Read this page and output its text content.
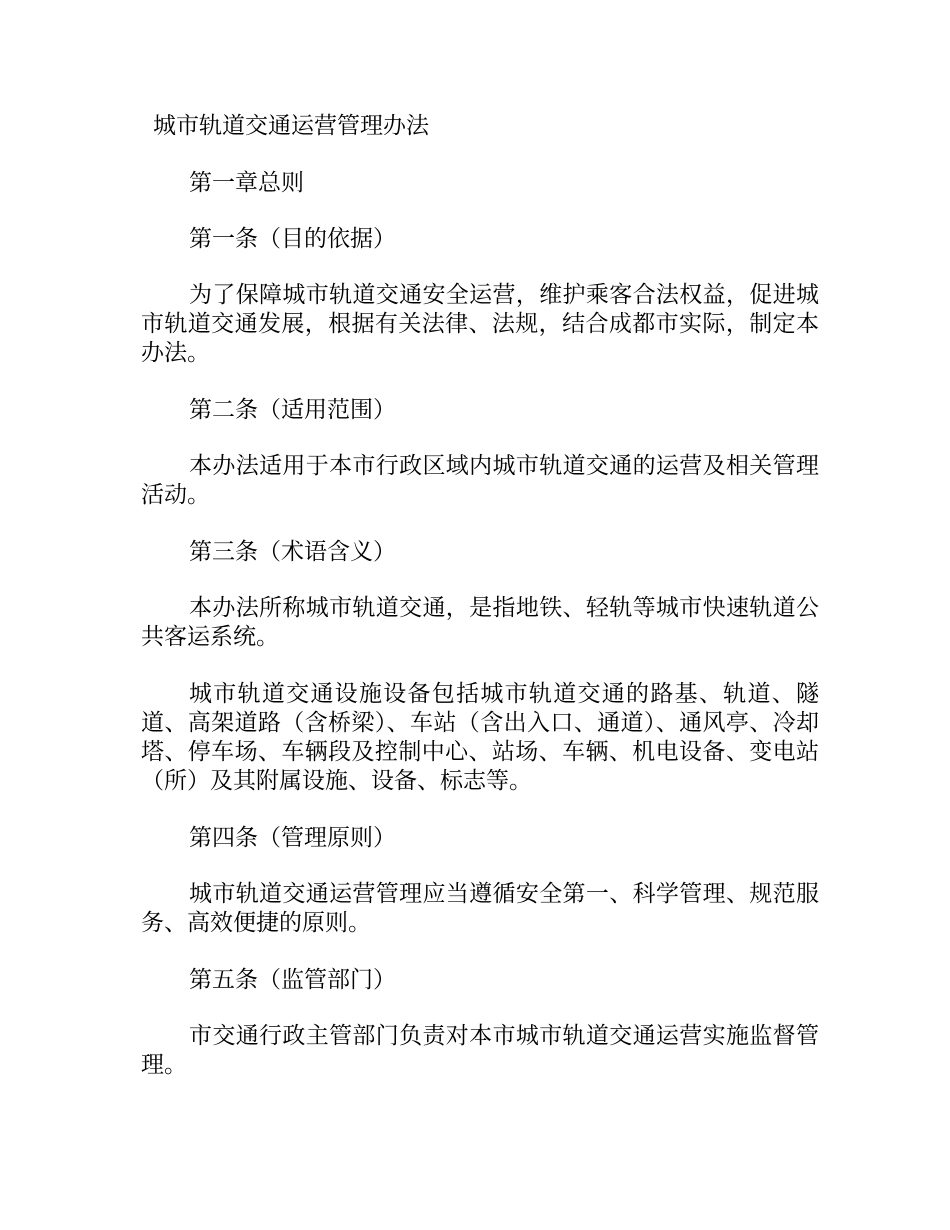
城市轨道交通运营管理办法
第一章总则
第一条（目的依据）
为了保障城市轨道交通安全运营，维护乘客合法权益，促进城市轨道交通发展，根据有关法律、法规，结合成都市实际，制定本办法。
第二条（适用范围）
本办法适用于本市行政区域内城市轨道交通的运营及相关管理活动。
第三条（术语含义）
本办法所称城市轨道交通，是指地铁、轻轨等城市快速轨道公共客运系统。
城市轨道交通设施设备包括城市轨道交通的路基、轨道、隧道、高架道路（含桥梁）、车站（含出入口、通道）、通风亭、冷却塔、停车场、车辆段及控制中心、站场、车辆、机电设备、变电站（所）及其附属设施、设备、标志等。
第四条（管理原则）
城市轨道交通运营管理应当遵循安全第一、科学管理、规范服务、高效便捷的原则。
第五条（监管部门）
市交通行政主管部门负责对本市城市轨道交通运营实施监督管理。
